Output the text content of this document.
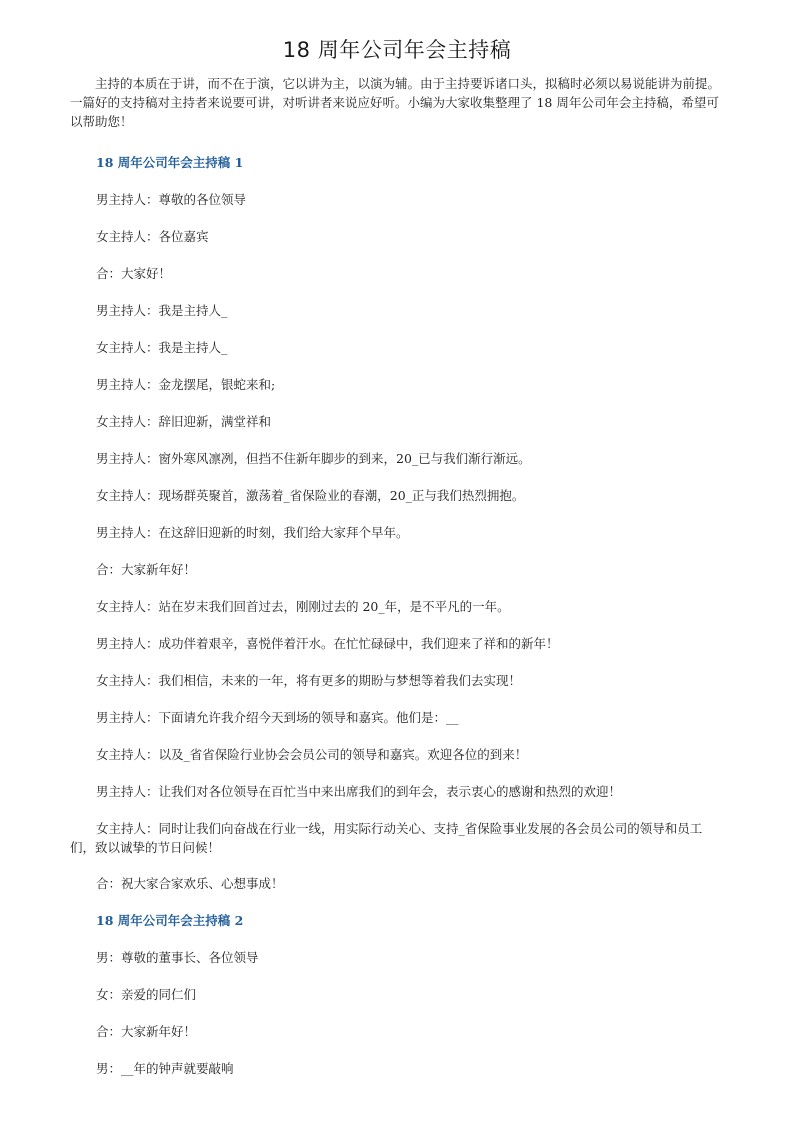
18 周年公司年会主持稿

主持的本质在于讲，而不在于演，它以讲为主，以演为辅。由于主持要诉诸口头，拟稿时必须以易说能讲为前提。一篇好的支持稿对主持者来说要可讲，对听讲者来说应好听。小编为大家收集整理了 18 周年公司年会主持稿，希望可以帮助您！

18 周年公司年会主持稿 1

男主持人：尊敬的各位领导

女主持人：各位嘉宾

合：大家好！

男主持人：我是主持人_

女主持人：我是主持人_

男主持人：金龙摆尾，银蛇来和;

女主持人：辞旧迎新，满堂祥和

男主持人：窗外寒风凛冽，但挡不住新年脚步的到来，20_已与我们渐行渐远。

女主持人：现场群英聚首，激荡着_省保险业的春潮，20_正与我们热烈拥抱。

男主持人：在这辞旧迎新的时刻，我们给大家拜个早年。

合：大家新年好！

女主持人：站在岁末我们回首过去，刚刚过去的 20_年，是不平凡的一年。

男主持人：成功伴着艰辛，喜悦伴着汗水。在忙忙碌碌中，我们迎来了祥和的新年！

女主持人：我们相信，未来的一年，将有更多的期盼与梦想等着我们去实现！

男主持人：下面请允许我介绍今天到场的领导和嘉宾。他们是：__

女主持人：以及_省省保险行业协会会员公司的领导和嘉宾。欢迎各位的到来！

男主持人：让我们对各位领导在百忙当中来出席我们的到年会，表示衷心的感谢和热烈的欢迎！

女主持人：同时让我们向奋战在行业一线，用实际行动关心、支持_省保险事业发展的各会员公司的领导和员工们，致以诚挚的节日问候！

合：祝大家合家欢乐、心想事成！

18 周年公司年会主持稿 2

男：尊敬的董事长、各位领导

女：亲爱的同仁们

合：大家新年好！

男：__年的钟声就要敲响
